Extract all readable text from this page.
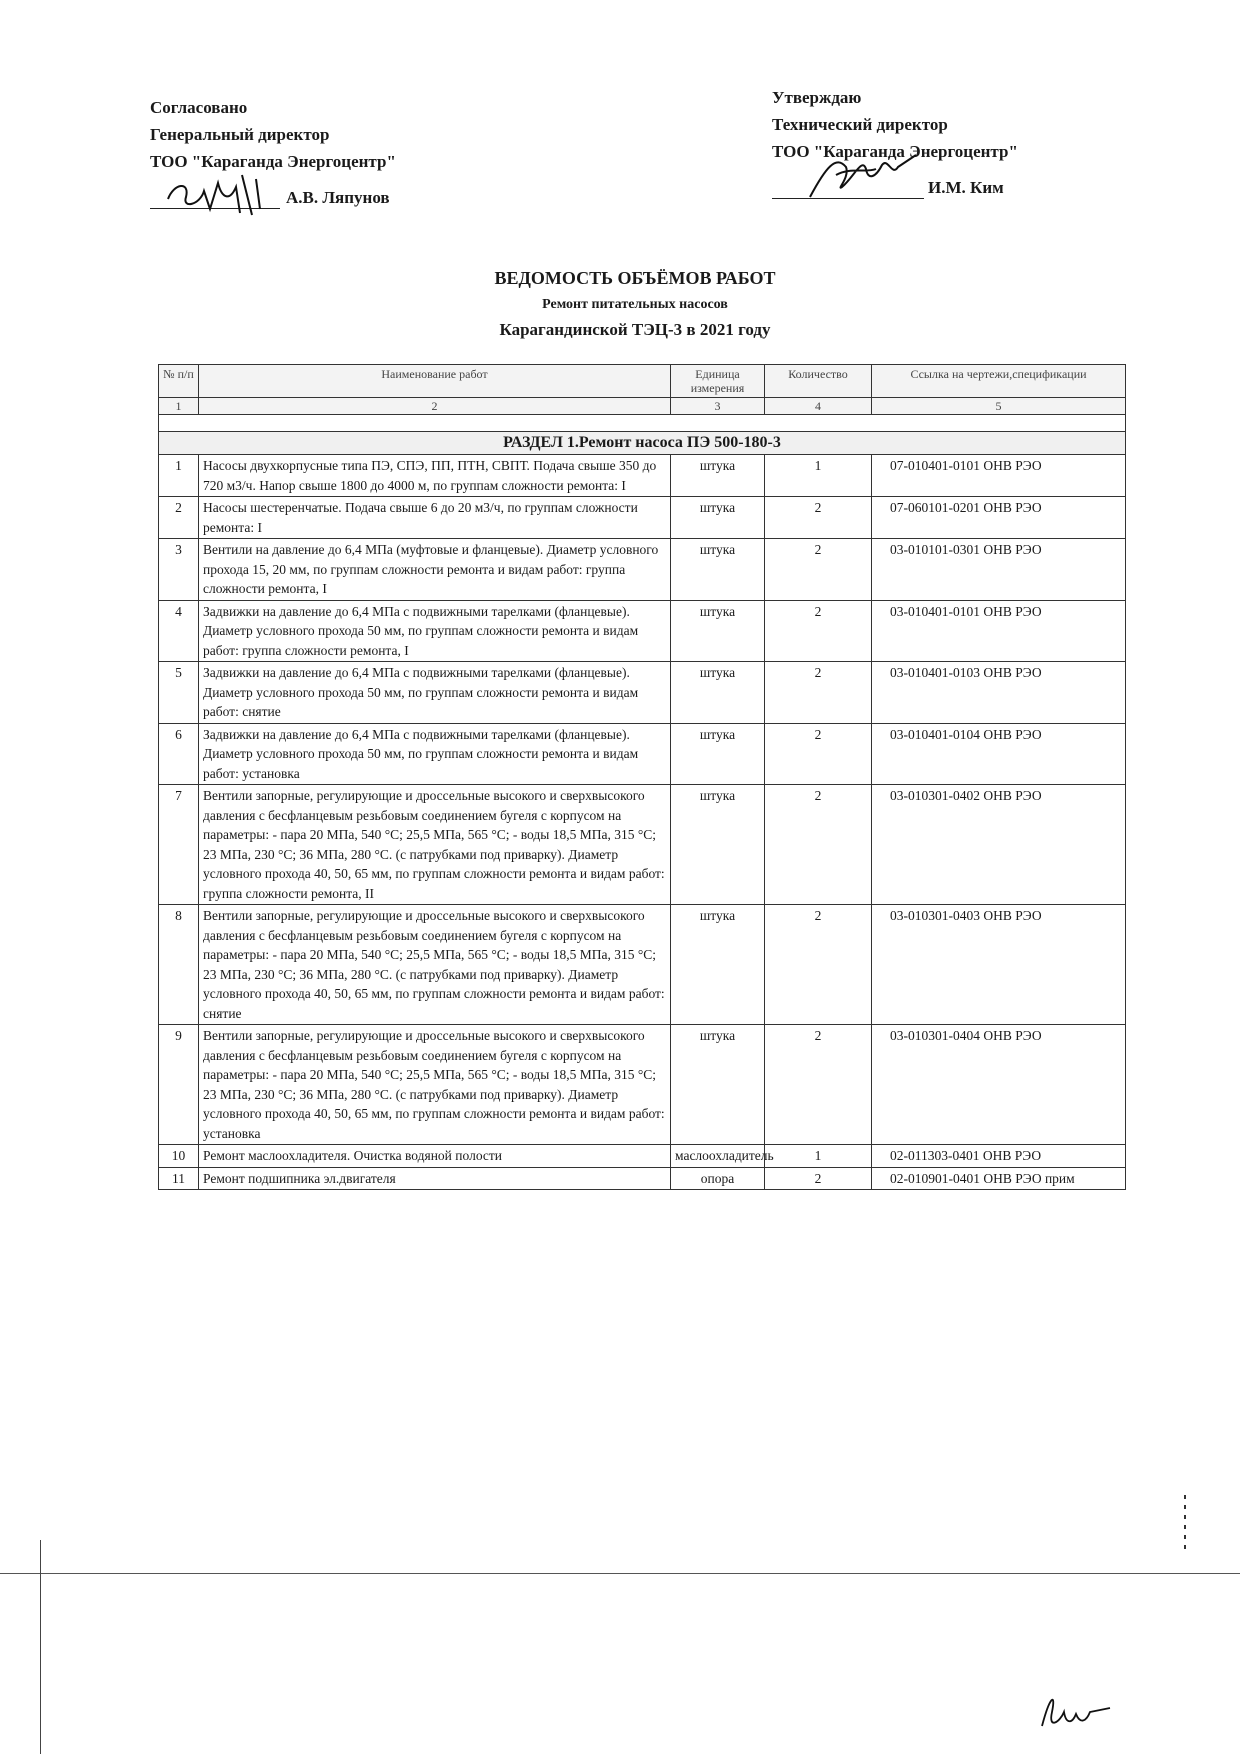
Согласовано
Генеральный директор
ТОО "Караганда Энергоцентр"
А.В. Ляпунов
Утверждаю
Технический директор
ТОО "Караганда Энергоцентр"
И.М. Ким
ВЕДОМОСТЬ ОБЪЁМОВ РАБОТ
Ремонт питательных насосов
Карагандинской ТЭЦ-3 в 2021 году
№ п/п	Наименование работ	Единица измерения	Количество	Ссылка на чертежи,спецификации
1	2	3	4	5

РАЗДЕЛ 1.Ремонт насоса ПЭ 500-180-3				
1	Насосы двухкорпусные типа ПЭ, СПЭ, ПП, ПТН, СВПТ. Подача свыше 350 до 720 м3/ч. Напор свыше 1800 до 4000 м, по группам сложности ремонта: I	штука	1	07-010401-0101 ОНВ РЭО
2	Насосы шестеренчатые. Подача свыше 6 до 20 м3/ч, по группам сложности ремонта: I	штука	2	07-060101-0201 ОНВ РЭО
3	Вентили на давление до 6,4 МПа (муфтовые и фланцевые). Диаметр условного прохода 15, 20 мм, по группам сложности ремонта и видам работ: группа сложности ремонта, I	штука	2	03-010101-0301 ОНВ РЭО
4	Задвижки на давление до 6,4 МПа с подвижными тарелками (фланцевые). Диаметр условного прохода 50 мм, по группам сложности ремонта и видам работ: группа сложности ремонта, I	штука	2	03-010401-0101 ОНВ РЭО
5	Задвижки на давление до 6,4 МПа с подвижными тарелками (фланцевые). Диаметр условного прохода 50 мм, по группам сложности ремонта и видам работ: снятие	штука	2	03-010401-0103 ОНВ РЭО
6	Задвижки на давление до 6,4 МПа с подвижными тарелками (фланцевые). Диаметр условного прохода 50 мм, по группам сложности ремонта и видам работ: установка	штука	2	03-010401-0104 ОНВ РЭО
7	Вентили запорные, регулирующие и дроссельные высокого и сверхвысокого давления с бесфланцевым резьбовым соединением бугеля с корпусом на параметры: - пара 20 МПа, 540 °С; 25,5 МПа, 565 °С; - воды 18,5 МПа, 315 °С; 23 МПа, 230 °С; 36 МПа, 280 °С. (с патрубками под приварку). Диаметр условного прохода 40, 50, 65 мм, по группам сложности ремонта и видам работ: группа сложности ремонта, II	штука	2	03-010301-0402 ОНВ РЭО
8	Вентили запорные, регулирующие и дроссельные высокого и сверхвысокого давления с бесфланцевым резьбовым соединением бугеля с корпусом на параметры: - пара 20 МПа, 540 °С; 25,5 МПа, 565 °С; - воды 18,5 МПа, 315 °С; 23 МПа, 230 °С; 36 МПа, 280 °С. (с патрубками под приварку). Диаметр условного прохода 40, 50, 65 мм, по группам сложности ремонта и видам работ: снятие	штука	2	03-010301-0403 ОНВ РЭО
9	Вентили запорные, регулирующие и дроссельные высокого и сверхвысокого давления с бесфланцевым резьбовым соединением бугеля с корпусом на параметры: - пара 20 МПа, 540 °С; 25,5 МПа, 565 °С; - воды 18,5 МПа, 315 °С; 23 МПа, 230 °С; 36 МПа, 280 °С. (с патрубками под приварку). Диаметр условного прохода 40, 50, 65 мм, по группам сложности ремонта и видам работ: установка	штука	2	03-010301-0404 ОНВ РЭО
10	Ремонт маслоохладителя. Очистка водяной полости	маслоохладитель	1	02-011303-0401 ОНВ РЭО
11	Ремонт подшипника эл.двигателя	опора	2	02-010901-0401 ОНВ РЭО прим
